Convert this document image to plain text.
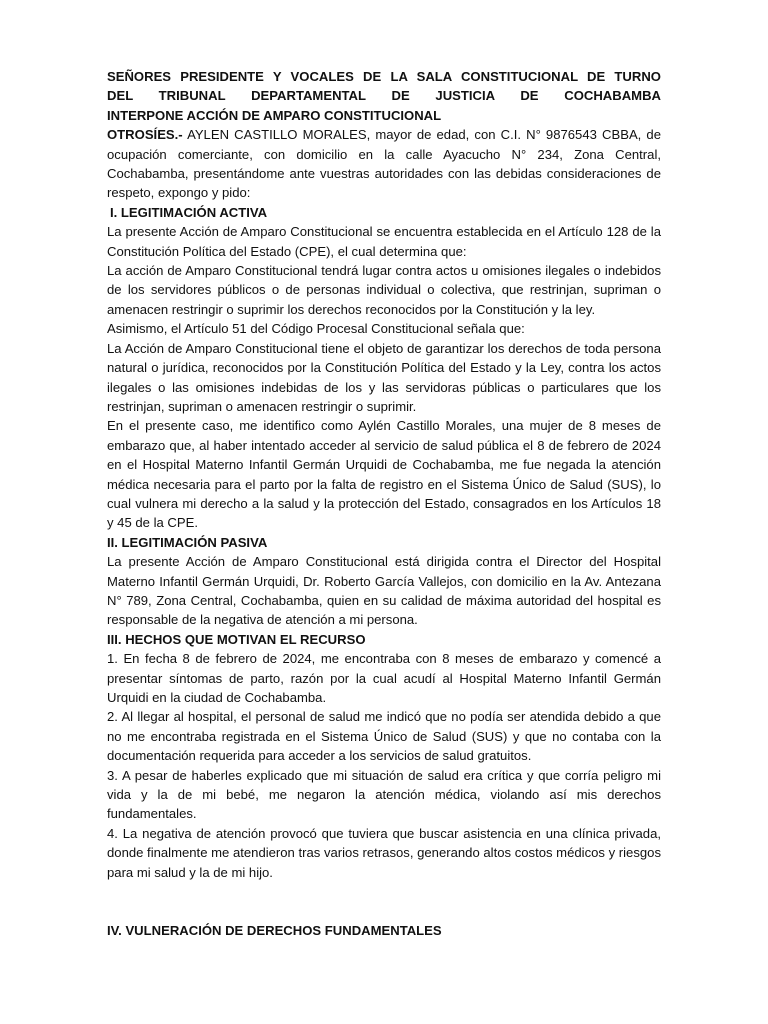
SEÑORES PRESIDENTE Y VOCALES DE LA SALA CONSTITUCIONAL DE TURNO
DEL TRIBUNAL DEPARTAMENTAL DE JUSTICIA DE COCHABAMBA
INTERPONE ACCIÓN DE AMPARO CONSTITUCIONAL

OTROSÍES.- AYLEN CASTILLO MORALES, mayor de edad, con C.I. N° 9876543 CBBA, de ocupación comerciante, con domicilio en la calle Ayacucho N° 234, Zona Central, Cochabamba, presentándome ante vuestras autoridades con las debidas consideraciones de respeto, expongo y pido:

I. LEGITIMACIÓN ACTIVA

La presente Acción de Amparo Constitucional se encuentra establecida en el Artículo 128 de la Constitución Política del Estado (CPE), el cual determina que:

La acción de Amparo Constitucional tendrá lugar contra actos u omisiones ilegales o indebidos de los servidores públicos o de personas individual o colectiva, que restrinjan, supriman o amenacen restringir o suprimir los derechos reconocidos por la Constitución y la ley.

Asimismo, el Artículo 51 del Código Procesal Constitucional señala que:

La Acción de Amparo Constitucional tiene el objeto de garantizar los derechos de toda persona natural o jurídica, reconocidos por la Constitución Política del Estado y la Ley, contra los actos ilegales o las omisiones indebidas de los y las servidoras públicas o particulares que los restrinjan, supriman o amenacen restringir o suprimir.

En el presente caso, me identifico como Aylén Castillo Morales, una mujer de 8 meses de embarazo que, al haber intentado acceder al servicio de salud pública el 8 de febrero de 2024 en el Hospital Materno Infantil Germán Urquidi de Cochabamba, me fue negada la atención médica necesaria para el parto por la falta de registro en el Sistema Único de Salud (SUS), lo cual vulnera mi derecho a la salud y la protección del Estado, consagrados en los Artículos 18 y 45 de la CPE.

II. LEGITIMACIÓN PASIVA

La presente Acción de Amparo Constitucional está dirigida contra el Director del Hospital Materno Infantil Germán Urquidi, Dr. Roberto García Vallejos, con domicilio en la Av. Antezana N° 789, Zona Central, Cochabamba, quien en su calidad de máxima autoridad del hospital es responsable de la negativa de atención a mi persona.

III. HECHOS QUE MOTIVAN EL RECURSO

1. En fecha 8 de febrero de 2024, me encontraba con 8 meses de embarazo y comencé a presentar síntomas de parto, razón por la cual acudí al Hospital Materno Infantil Germán Urquidi en la ciudad de Cochabamba.

2. Al llegar al hospital, el personal de salud me indicó que no podía ser atendida debido a que no me encontraba registrada en el Sistema Único de Salud (SUS) y que no contaba con la documentación requerida para acceder a los servicios de salud gratuitos.

3. A pesar de haberles explicado que mi situación de salud era crítica y que corría peligro mi vida y la de mi bebé, me negaron la atención médica, violando así mis derechos fundamentales.

4. La negativa de atención provocó que tuviera que buscar asistencia en una clínica privada, donde finalmente me atendieron tras varios retrasos, generando altos costos médicos y riesgos para mi salud y la de mi hijo.

IV. VULNERACIÓN DE DERECHOS FUNDAMENTALES
